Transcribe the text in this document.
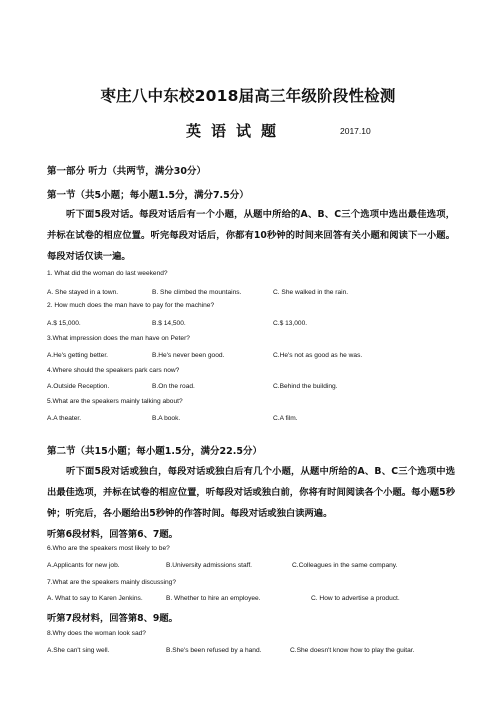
枣庄八中东校2018届高三年级阶段性检测
英语试题	2017.10
第一部分 听力（共两节，满分30分）
第一节（共5小题；每小题1.5分，满分7.5分）
听下面5段对话。每段对话后有一个小题，从题中所给的A、B、C三个选项中选出最佳选项，并标在试卷的相应位置。听完每段对话后，你都有10秒钟的时间来回答有关小题和阅读下一小题。每段对话仅读一遍。
1. What did the woman do last weekend?
A. She stayed in a town.	B. She climbed the mountains.	C. She walked in the rain.
2. How much does the man have to pay for the machine?
A.$ 15,000.	B.$ 14,500.	C.$ 13,000.
3.What impression does the man have on Peter?
A.He's getting better.	B.He's never been good.	C.He's not as good as he was.
4.Where should the speakers park cars now?
A.Outside Reception.	B.On the road.	C.Behind the building.
5.What are the speakers mainly talking about?
A.A theater.	B.A book.	C.A film.
第二节（共15小题；每小题1.5分，满分22.5分）
听下面5段对话或独白，每段对话或独白后有几个小题，从题中所给的A、B、C三个选项中选出最佳选项，并标在试卷的相应位置，听每段对话或独白前，你将有时间阅读各个小题。每小题5秒钟；听完后，各小题给出5秒钟的作答时间。每段对话或独白读两遍。
听第6段材料，回答第6、7题。
6.Who are the speakers most likely to be?
A.Applicants for new job.	B.University admissions staff.	C.Colleagues in the same company.
7.What are the speakers mainly discussing?
A. What to say to Karen Jenkins.	B. Whether to hire an employee.	C. How to advertise a product.
听第7段材料，回答第8、9题。
8.Why does the woman look sad?
A.She can't sing well.	B.She's been refused by a hand.	C.She doesn't know how to play the guitar.
